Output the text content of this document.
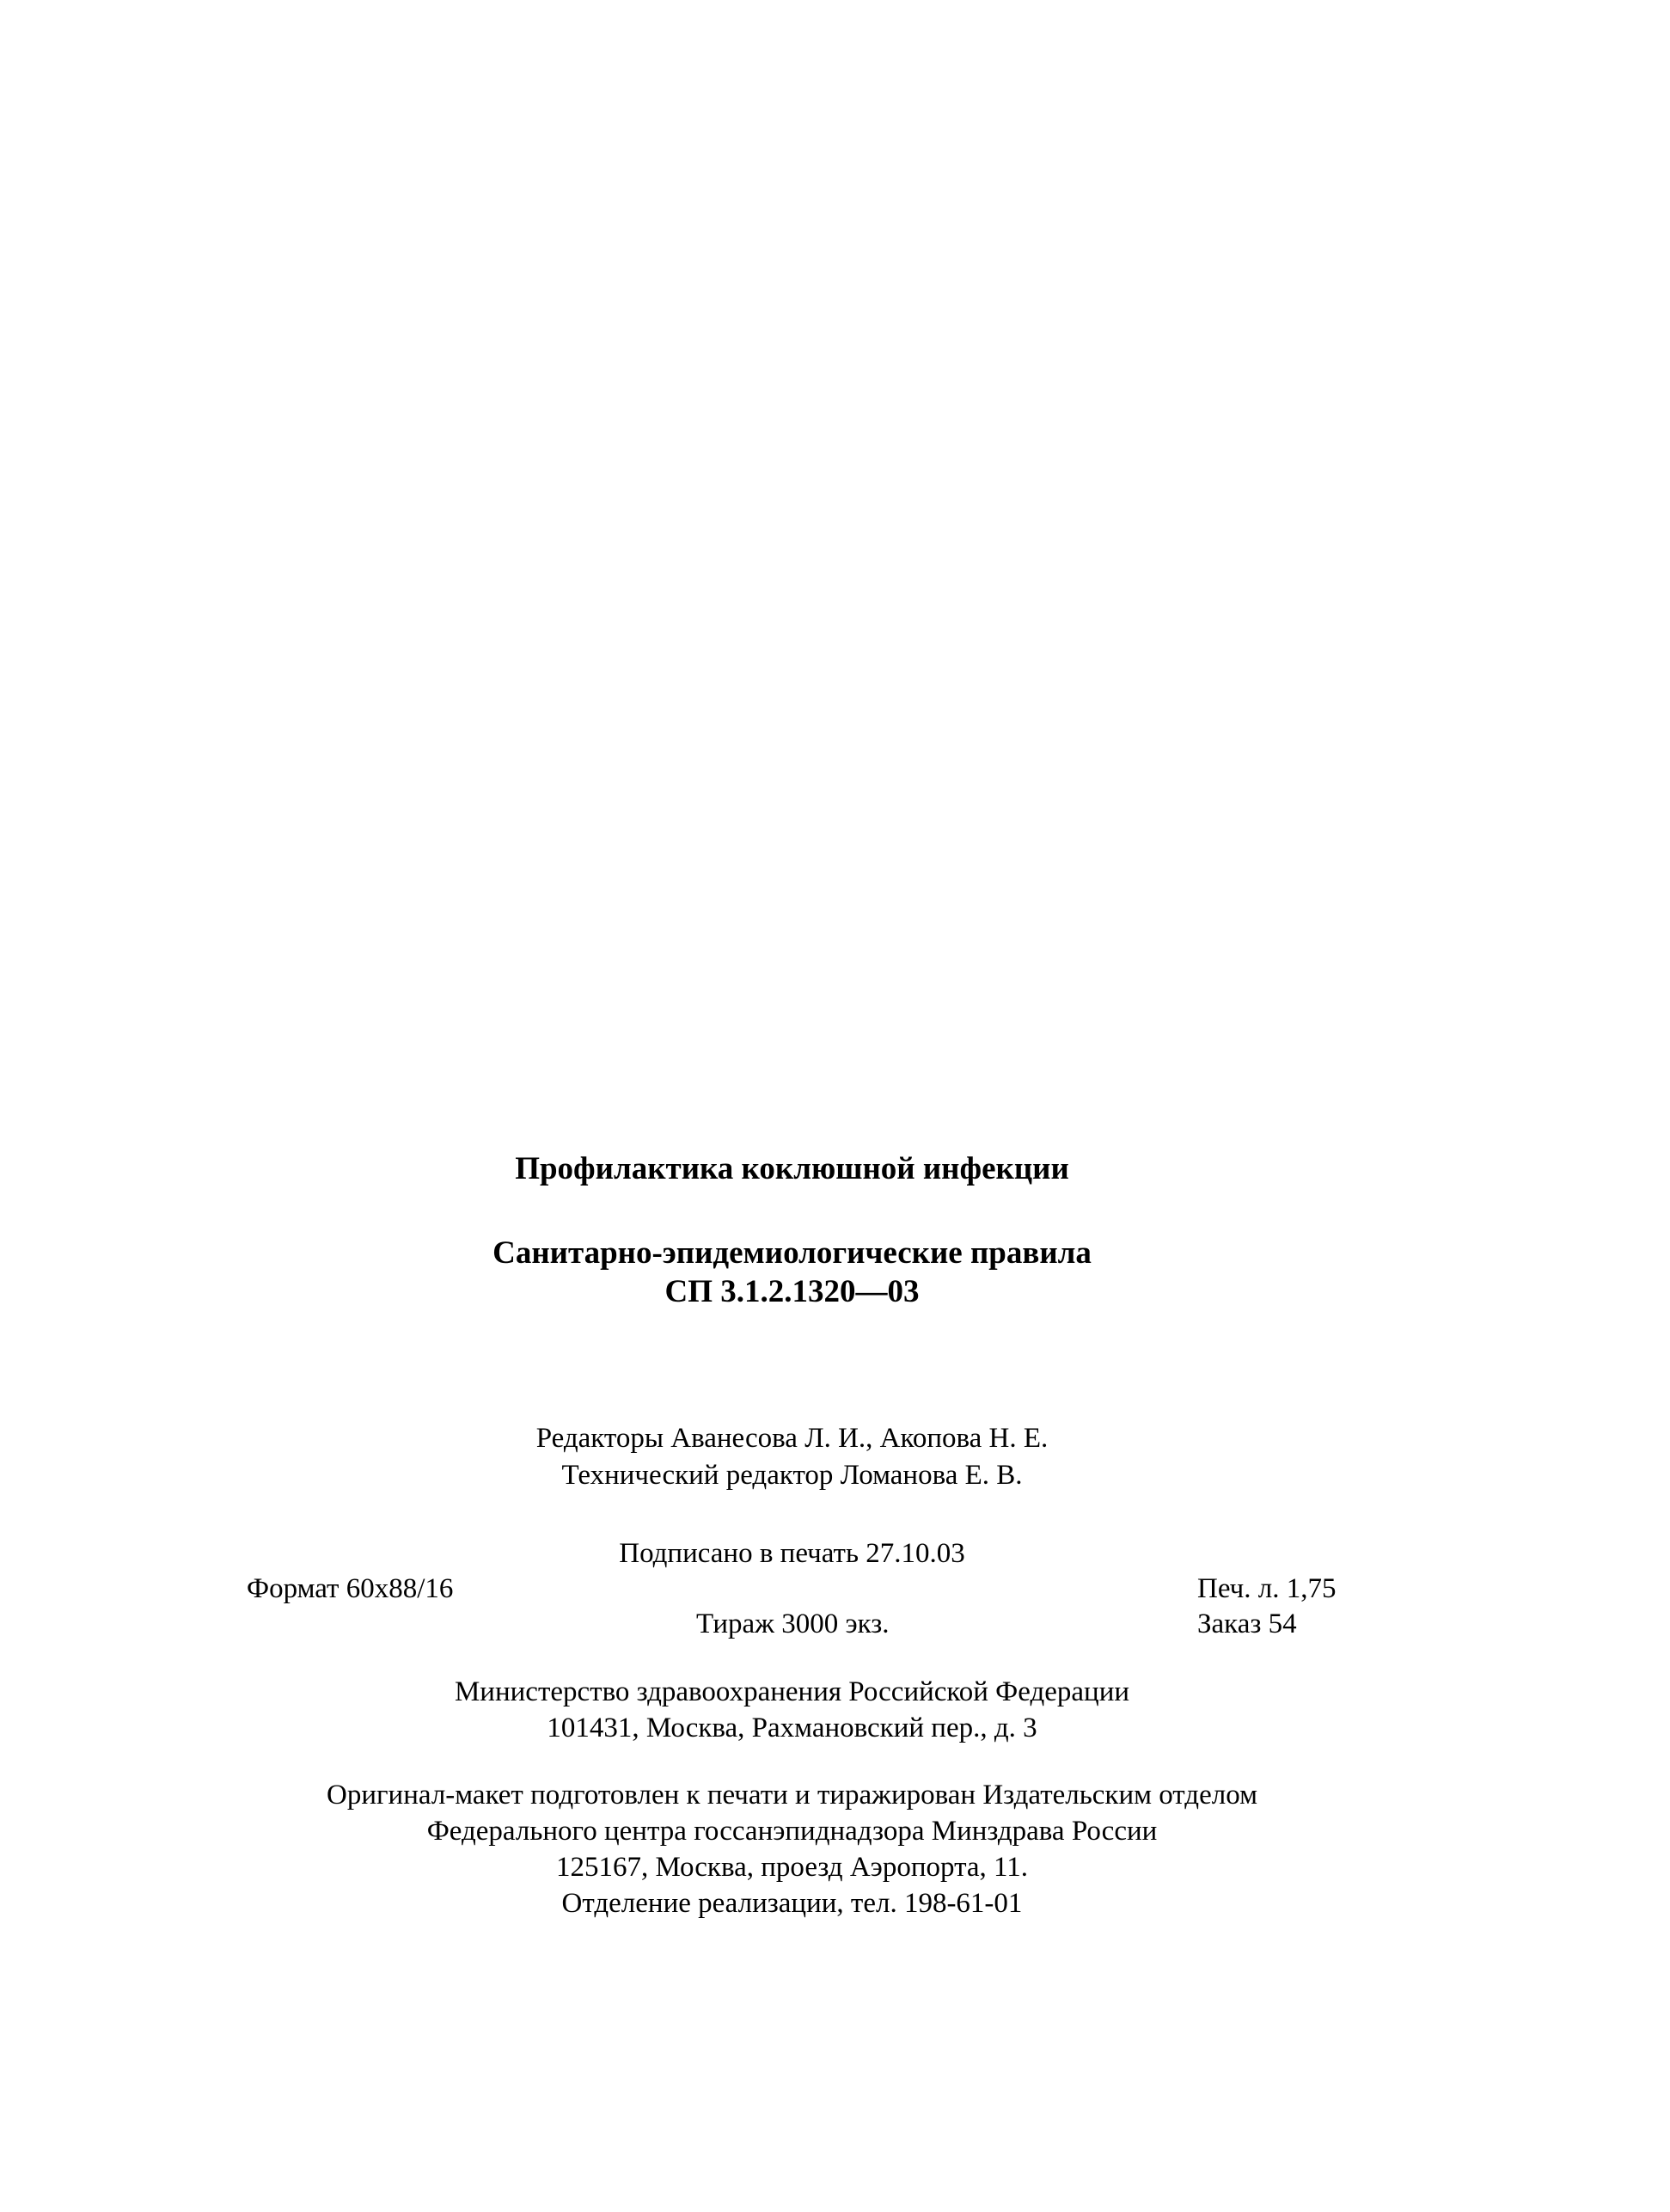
Профилактика коклюшной инфекции
Санитарно-эпидемиологические правила
СП 3.1.2.1320—03
Редакторы Аванесова Л. И., Акопова Н. Е.
Технический редактор Ломанова Е. В.
Подписано в печать 27.10.03
Формат 60x88/16	Печ. л. 1,75
Тираж 3000 экз.	Заказ 54
Министерство здравоохранения Российской Федерации
101431, Москва, Рахмановский пер., д. 3
Оригинал-макет подготовлен к печати и тиражирован Издательским отделом
Федерального центра госсанэпиднадзора Минздрава России
125167, Москва, проезд Аэропорта, 11.
Отделение реализации, тел. 198-61-01
